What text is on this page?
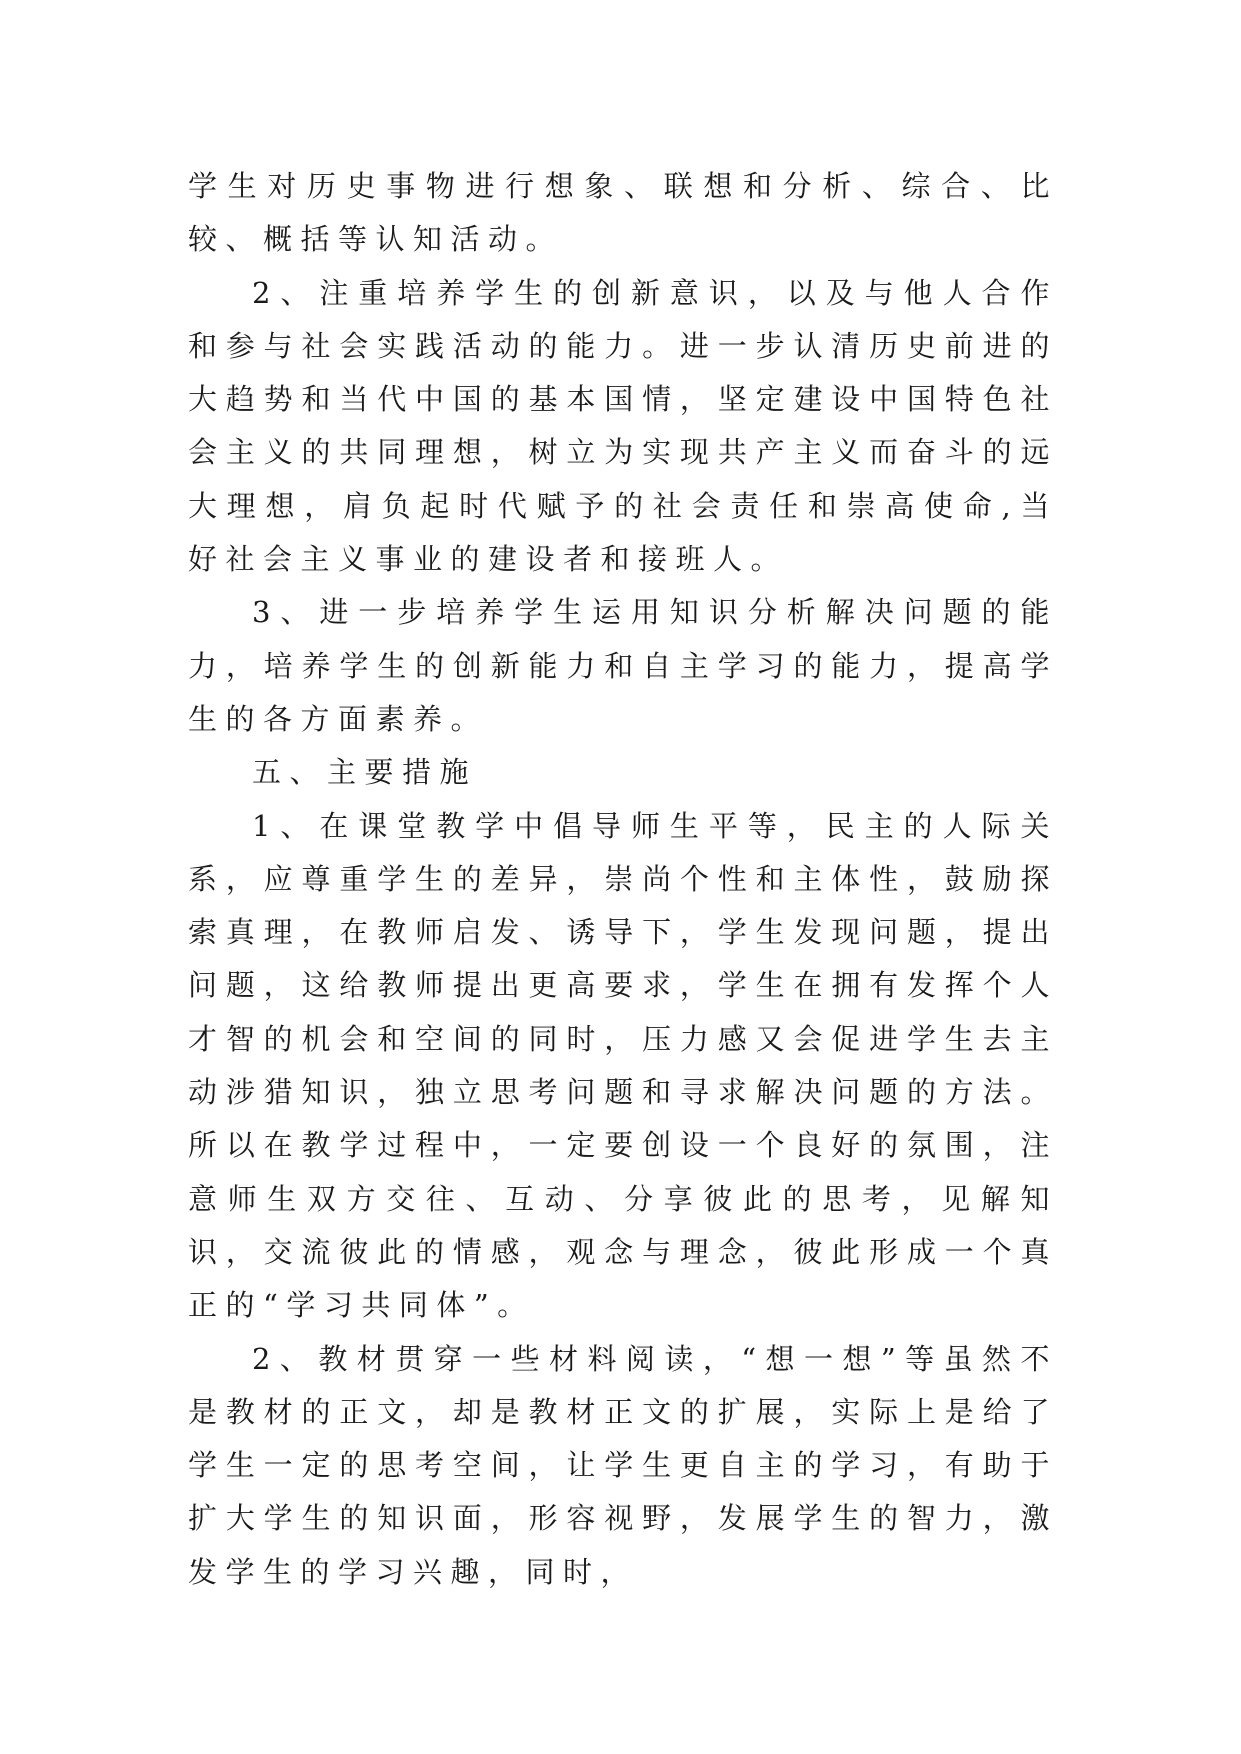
学生对历史事物进行想象、联想和分析、综合、比较、概括等认知活动。

2、注重培养学生的创新意识，以及与他人合作和参与社会实践活动的能力。进一步认清历史前进的大趋势和当代中国的基本国情，坚定建设中国特色社会主义的共同理想，树立为实现共产主义而奋斗的远大理想，肩负起时代赋予的社会责任和崇高使命,当好社会主义事业的建设者和接班人。

3、进一步培养学生运用知识分析解决问题的能力，培养学生的创新能力和自主学习的能力，提高学生的各方面素养。

五、主要措施

1、在课堂教学中倡导师生平等，民主的人际关系，应尊重学生的差异，崇尚个性和主体性，鼓励探索真理，在教师启发、诱导下，学生发现问题，提出问题，这给教师提出更高要求，学生在拥有发挥个人才智的机会和空间的同时，压力感又会促进学生去主动涉猎知识，独立思考问题和寻求解决问题的方法。所以在教学过程中，一定要创设一个良好的氛围，注意师生双方交往、互动、分享彼此的思考，见解知识，交流彼此的情感，观念与理念，彼此形成一个真正的“学习共同体”。

2、教材贯穿一些材料阅读，“想一想”等虽然不是教材的正文，却是教材正文的扩展，实际上是给了学生一定的思考空间，让学生更自主的学习，有助于扩大学生的知识面，形容视野，发展学生的智力，激发学生的学习兴趣，同时，
